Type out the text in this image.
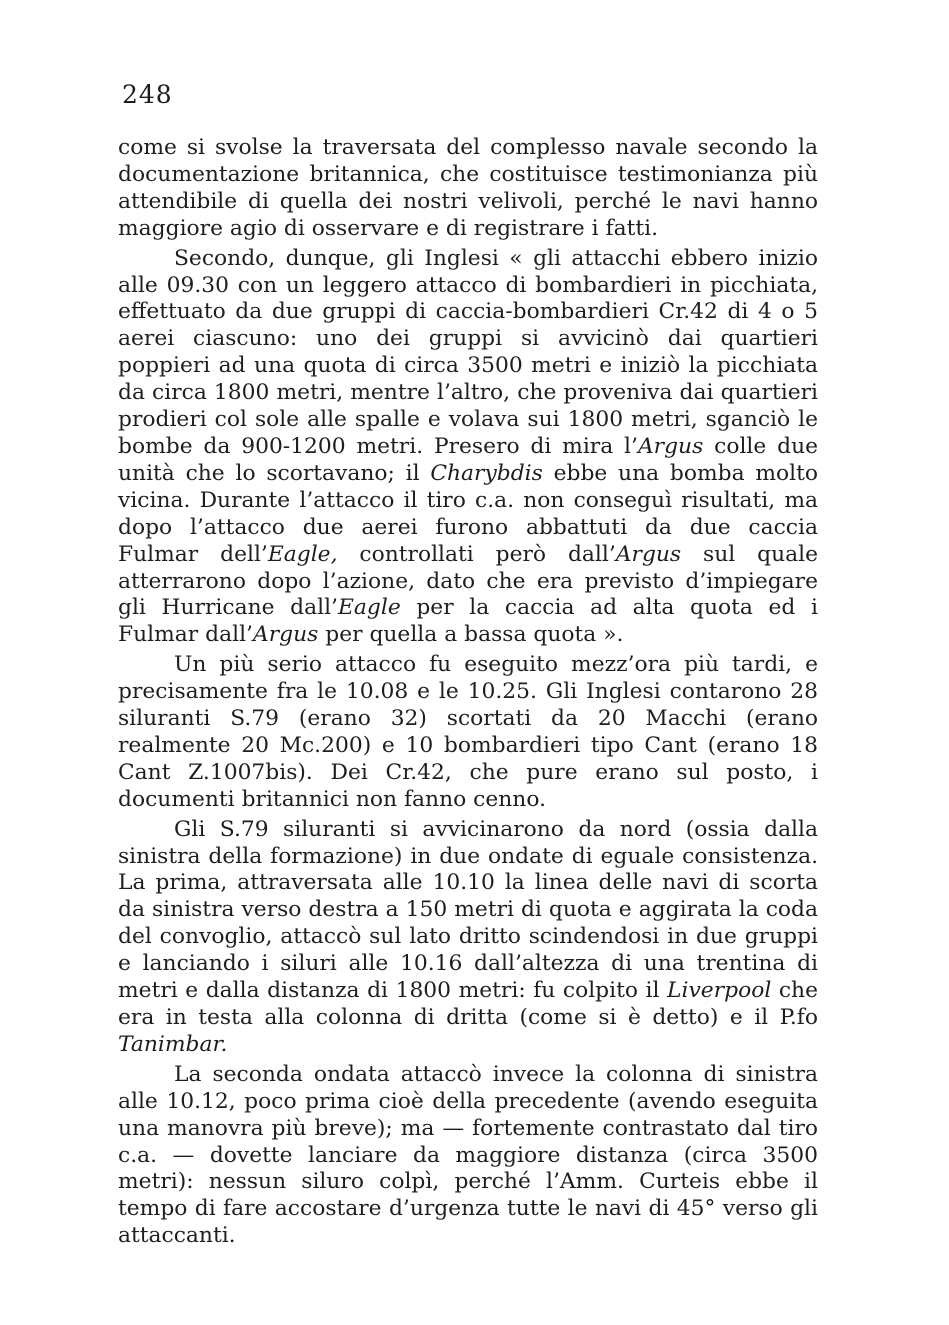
248

come si svolse la traversata del complesso navale secondo la documentazione britannica, che costituisce testimonianza più attendibile di quella dei nostri velivoli, perché le navi hanno maggiore agio di osservare e di registrare i fatti.

Secondo, dunque, gli Inglesi « gli attacchi ebbero inizio alle 09.30 con un leggero attacco di bombardieri in picchiata, effettuato da due gruppi di caccia-bombardieri Cr.42 di 4 o 5 aerei ciascuno: uno dei gruppi si avvicinò dai quartieri poppieri ad una quota di circa 3500 metri e iniziò la picchiata da circa 1800 metri, mentre l’altro, che proveniva dai quartieri prodieri col sole alle spalle e volava sui 1800 metri, sganciò le bombe da 900-1200 metri. Presero di mira l’Argus colle due unità che lo scortavano; il Charybdis ebbe una bomba molto vicina. Durante l’attacco il tiro c.a. non conseguì risultati, ma dopo l’attacco due aerei furono abbattuti da due caccia Fulmar dell’Eagle, controllati però dall’Argus sul quale atterrarono dopo l’azione, dato che era previsto d’impiegare gli Hurricane dall’Eagle per la caccia ad alta quota ed i Fulmar dall’Argus per quella a bassa quota ».

Un più serio attacco fu eseguito mezz’ora più tardi, e precisamente fra le 10.08 e le 10.25. Gli Inglesi contarono 28 siluranti S.79 (erano 32) scortati da 20 Macchi (erano realmente 20 Mc.200) e 10 bombardieri tipo Cant (erano 18 Cant Z.1007bis). Dei Cr.42, che pure erano sul posto, i documenti britannici non fanno cenno.

Gli S.79 siluranti si avvicinarono da nord (ossia dalla sinistra della formazione) in due ondate di eguale consistenza. La prima, attraversata alle 10.10 la linea delle navi di scorta da sinistra verso destra a 150 metri di quota e aggirata la coda del convoglio, attaccò sul lato dritto scindendosi in due gruppi e lanciando i siluri alle 10.16 dall’altezza di una trentina di metri e dalla distanza di 1800 metri: fu colpito il Liverpool che era in testa alla colonna di dritta (come si è detto) e il P.fo Tanimbar.

La seconda ondata attaccò invece la colonna di sinistra alle 10.12, poco prima cioè della precedente (avendo eseguita una manovra più breve); ma — fortemente contrastato dal tiro c.a. — dovette lanciare da maggiore distanza (circa 3500 metri): nessun siluro colpì, perché l’Amm. Curteis ebbe il tempo di fare accostare d’urgenza tutte le navi di 45° verso gli attaccanti.
